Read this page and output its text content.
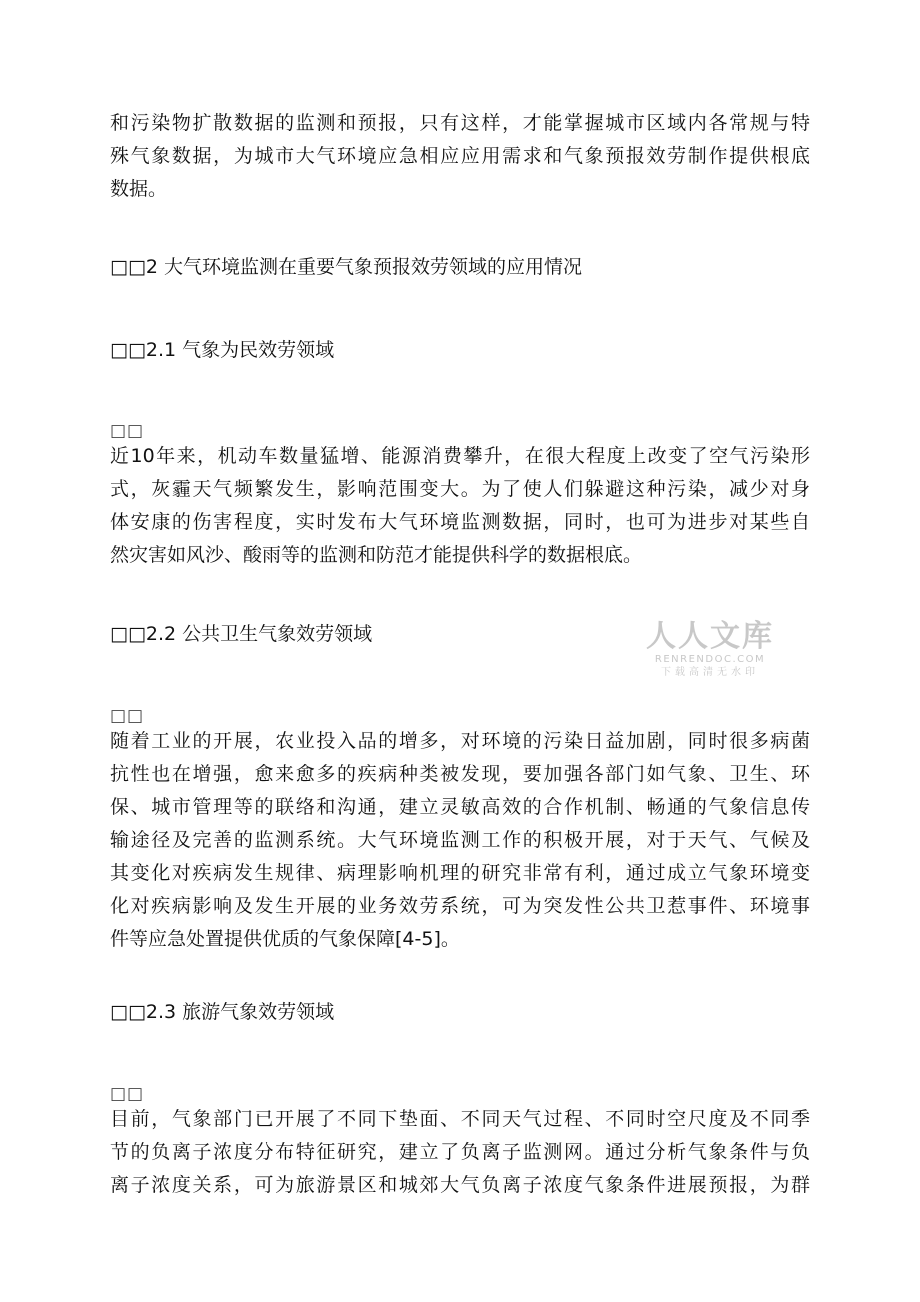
和污染物扩散数据的监测和预报，只有这样，才能掌握城市区域内各常规与特
殊气象数据，为城市大气环境应急相应应用需求和气象预报效劳制作提供根底
数据。

□□2 大气环境监测在重要气象预报效劳领域的应用情况
□□2.1 气象为民效劳领域
□□

近10年来，机动车数量猛增、能源消费攀升，在很大程度上改变了空气污染形
式，灰霾天气频繁发生，影响范围变大。为了使人们躲避这种污染，减少对身
体安康的伤害程度，实时发布大气环境监测数据，同时，也可为进步对某些自
然灾害如风沙、酸雨等的监测和防范才能提供科学的数据根底。

□□2.2 公共卫生气象效劳领域
□□

随着工业的开展，农业投入品的增多，对环境的污染日益加剧，同时很多病菌
抗性也在增强，愈来愈多的疾病种类被发现，要加强各部门如气象、卫生、环
保、城市管理等的联络和沟通，建立灵敏高效的合作机制、畅通的气象信息传
输途径及完善的监测系统。大气环境监测工作的积极开展，对于天气、气候及
其变化对疾病发生规律、病理影响机理的研究非常有利，通过成立气象环境变
化对疾病影响及发生开展的业务效劳系统，可为突发性公共卫惹事件、环境事
件等应急处置提供优质的气象保障[4-5]。

□□2.3 旅游气象效劳领域
□□

目前，气象部门已开展了不同下垫面、不同天气过程、不同时空尺度及不同季
节的负离子浓度分布特征研究，建立了负离子监测网。通过分析气象条件与负
离子浓度关系，可为旅游景区和城郊大气负离子浓度气象条件进展预报，为群

人人文库
RENRENDOC.COM
下载高清无水印
